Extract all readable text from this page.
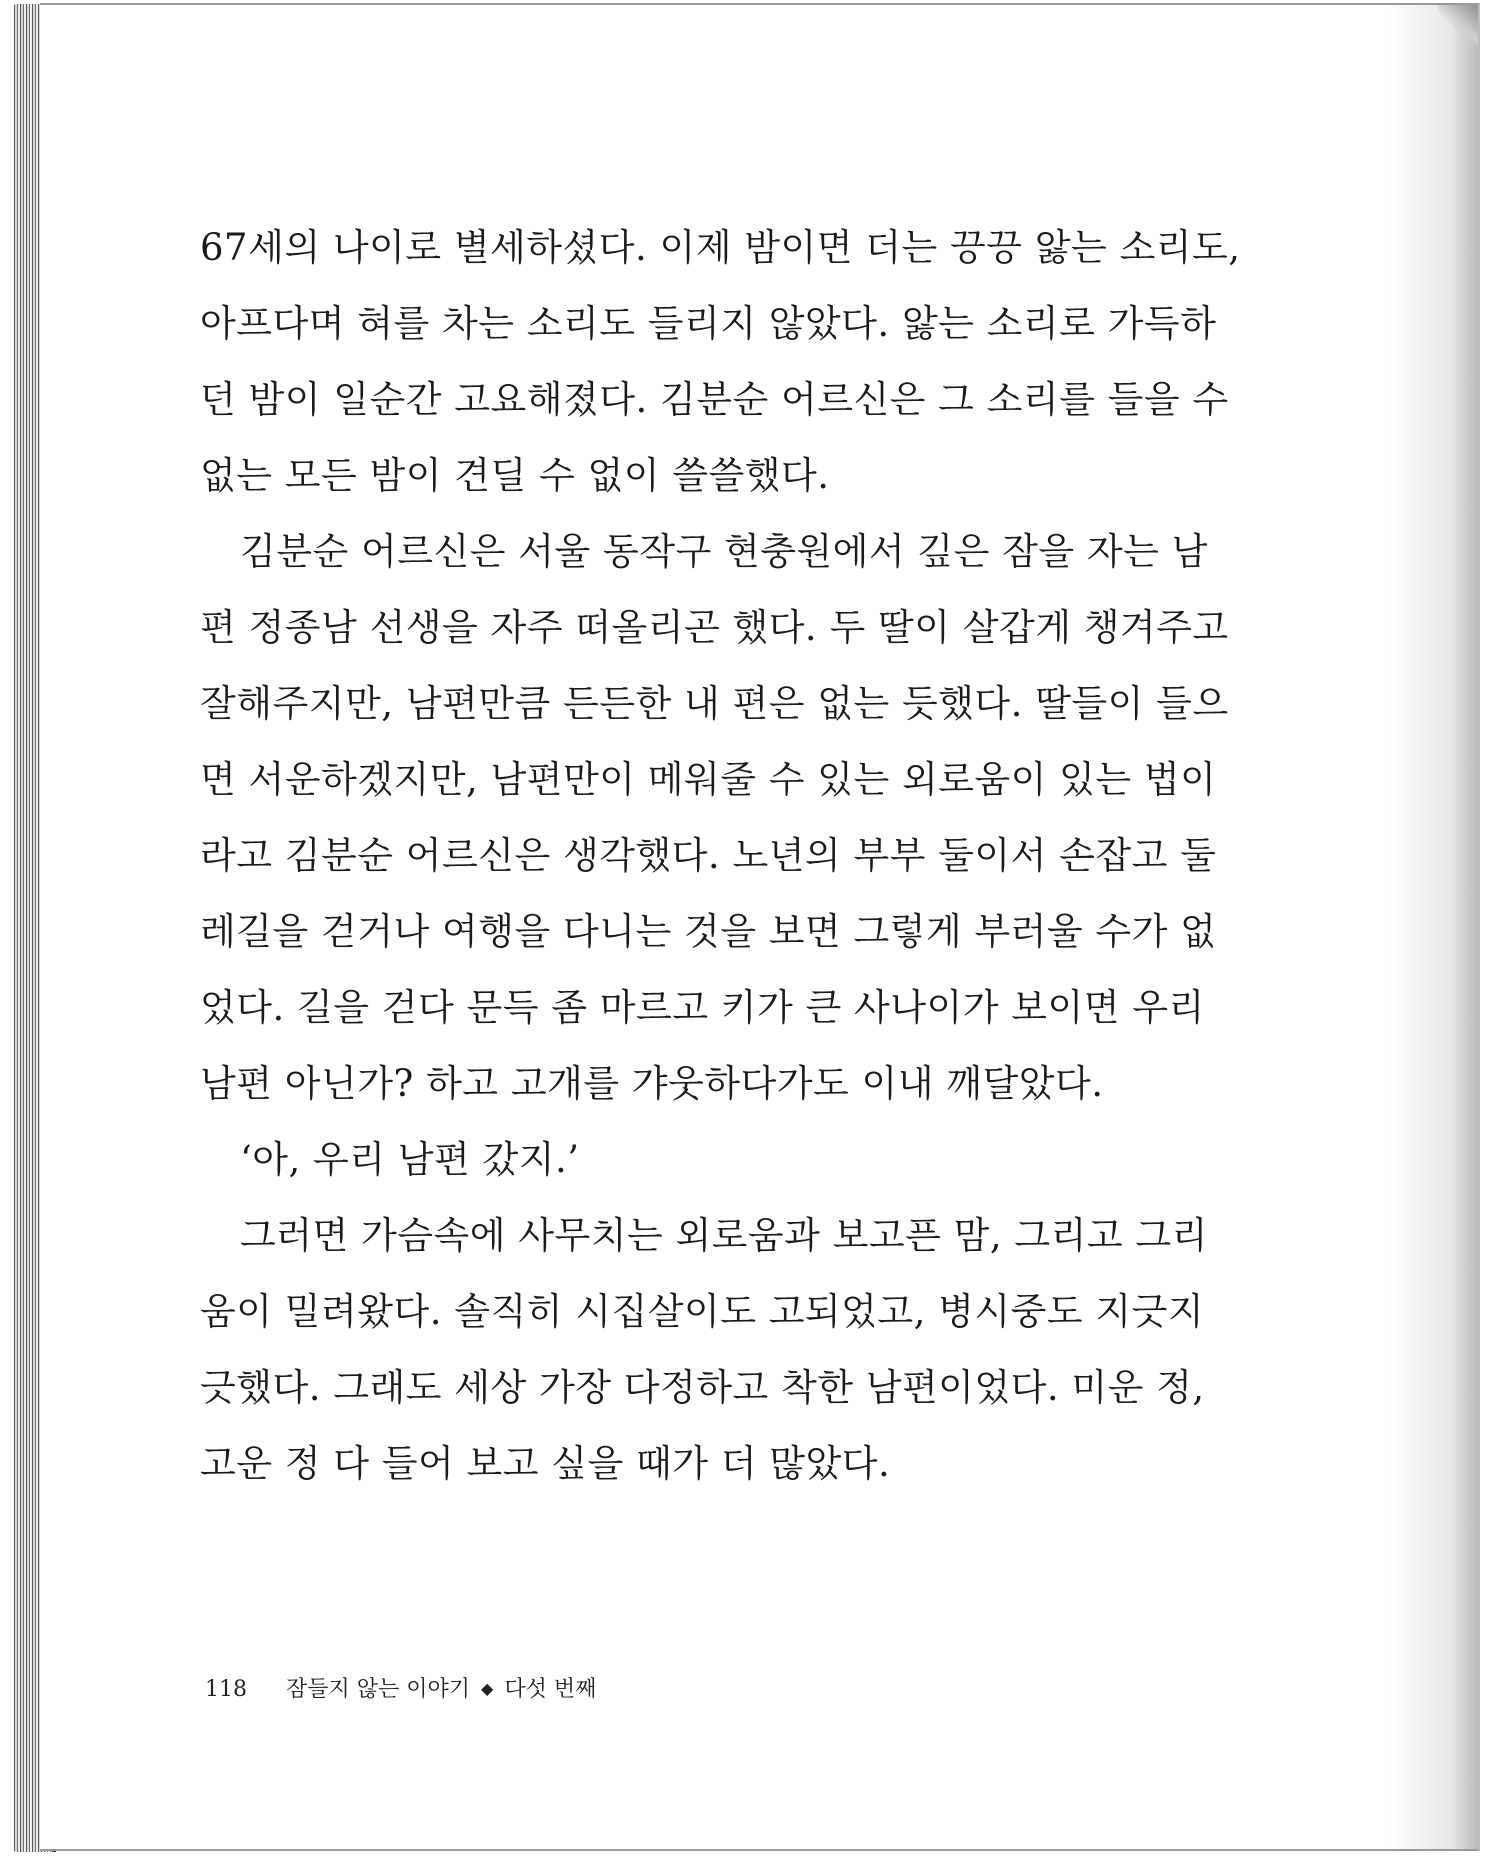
67세의 나이로 별세하셨다. 이제 밤이면 더는 끙끙 앓는 소리도,
아프다며 혀를 차는 소리도 들리지 않았다. 앓는 소리로 가득하
던 밤이 일순간 고요해졌다. 김분순 어르신은 그 소리를 들을 수
없는 모든 밤이 견딜 수 없이 쓸쓸했다.
김분순 어르신은 서울 동작구 현충원에서 깊은 잠을 자는 남
편 정종남 선생을 자주 떠올리곤 했다. 두 딸이 살갑게 챙겨주고
잘해주지만, 남편만큼 든든한 내 편은 없는 듯했다. 딸들이 들으
면 서운하겠지만, 남편만이 메워줄 수 있는 외로움이 있는 법이
라고 김분순 어르신은 생각했다. 노년의 부부 둘이서 손잡고 둘
레길을 걷거나 여행을 다니는 것을 보면 그렇게 부러울 수가 없
었다. 길을 걷다 문득 좀 마르고 키가 큰 사나이가 보이면 우리
남편 아닌가? 하고 고개를 갸웃하다가도 이내 깨달았다.
‘아, 우리 남편 갔지.’
그러면 가슴속에 사무치는 외로움과 보고픈 맘, 그리고 그리
움이 밀려왔다. 솔직히 시집살이도 고되었고, 병시중도 지긋지
긋했다. 그래도 세상 가장 다정하고 착한 남편이었다. 미운 정,
고운 정 다 들어 보고 싶을 때가 더 많았다.
118 잠들지 않는 이야기 ◆ 다섯 번째
